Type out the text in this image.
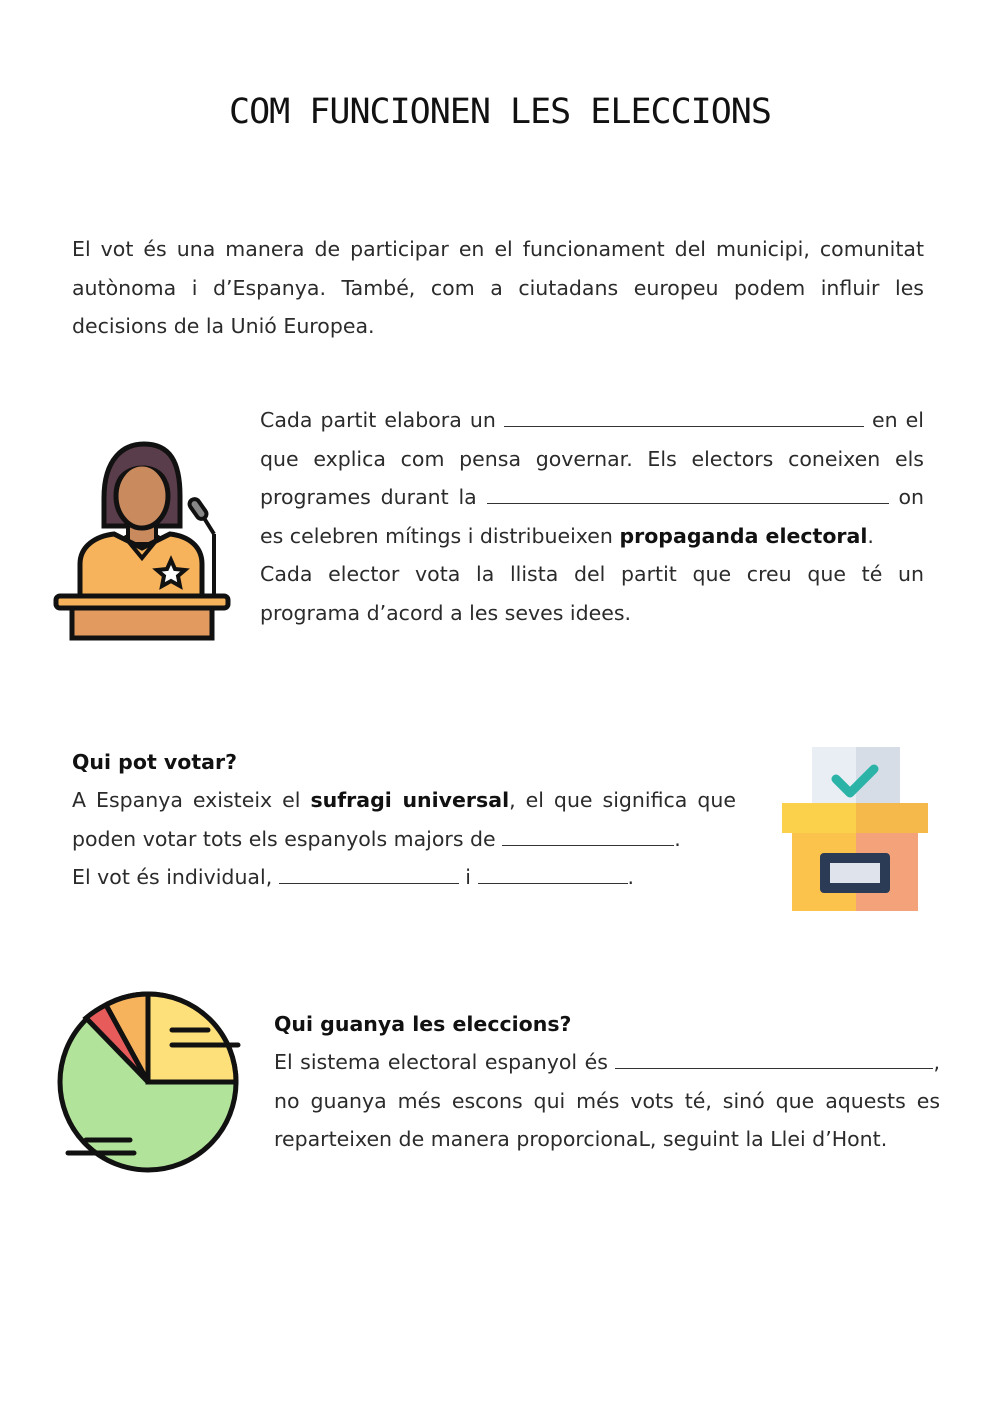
COM FUNCIONEN LES ELECCIONS
El vot és una manera de participar en el funcionament del municipi, comunitat autònoma i d’Espanya. També, com a ciutadans europeu podem influir les decisions de la Unió Europea.
Cada partit elabora un	en el que explica com pensa governar. Els electors coneixen els programes durant la	on es celebren mítings i distribueixen propaganda electoral.
Cada elector vota la llista del partit que creu que té un programa d’acord a les seves idees.
Qui pot votar?
A Espanya existeix el sufragi universal, el que significa que poden votar tots els espanyols majors de	.
El vot és individual,	i	.
Qui guanya les eleccions?
El sistema electoral espanyol és	, no guanya més escons qui més vots té, sinó que aquests es reparteixen de manera proporcionaL, seguint la Llei d’Hont.
